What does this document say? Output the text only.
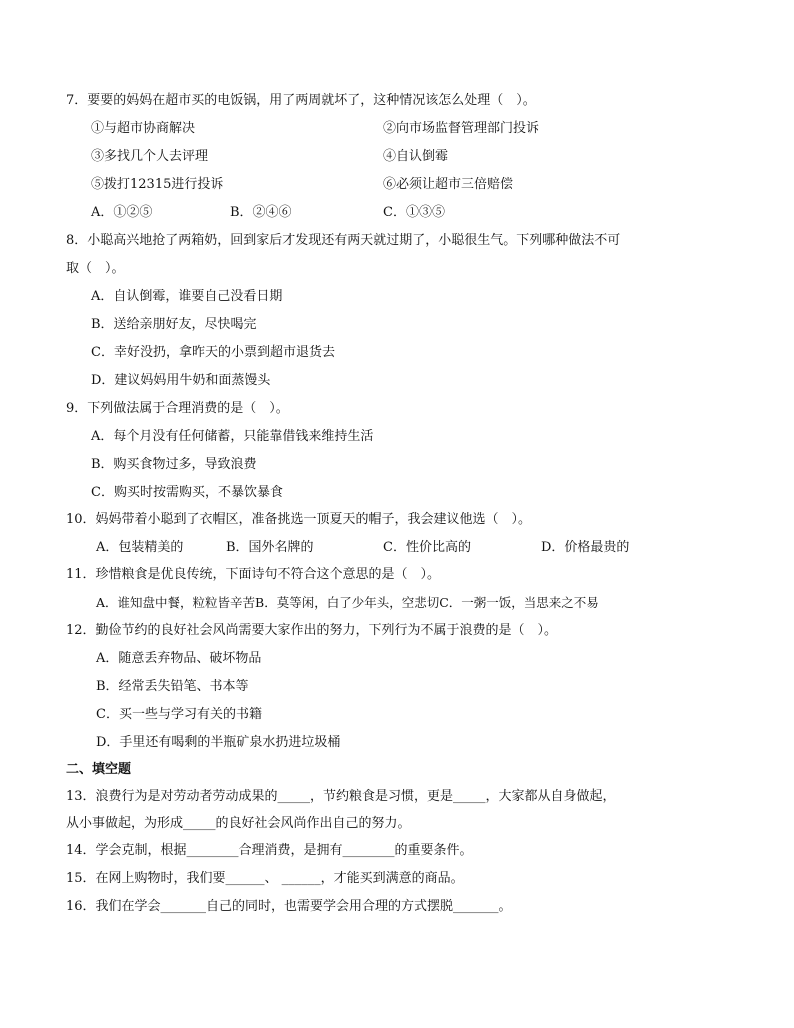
7．要要的妈妈在超市买的电饭锅，用了两周就坏了，这种情况该怎么处理（　）。
①与超市协商解决	②向市场监督管理部门投诉
③多找几个人去评理	④自认倒霉
⑤拨打12315进行投诉	⑥必须让超市三倍赔偿
A．①②⑤	B．②④⑥	C．①③⑤
8．小聪高兴地抢了两箱奶，回到家后才发现还有两天就过期了，小聪很生气。下列哪种做法不可
取（　）。
A．自认倒霉，谁要自己没看日期
B．送给亲朋好友，尽快喝完
C．幸好没扔，拿昨天的小票到超市退货去
D．建议妈妈用牛奶和面蒸馒头
9．下列做法属于合理消费的是（　）。
A．每个月没有任何储蓄，只能靠借钱来维持生活
B．购买食物过多，导致浪费
C．购买时按需购买，不暴饮暴食
10．妈妈带着小聪到了衣帽区，准备挑选一顶夏天的帽子，我会建议他选（　）。
A．包装精美的	B．国外名牌的	C．性价比高的	D．价格最贵的
11．珍惜粮食是优良传统，下面诗句不符合这个意思的是（　）。
A．谁知盘中餐，粒粒皆辛苦B．莫等闲，白了少年头，空悲切C．一粥一饭，当思来之不易
12．勤俭节约的良好社会风尚需要大家作出的努力，下列行为不属于浪费的是（　）。
A．随意丢弃物品、破坏物品
B．经常丢失铅笔、书本等
C．买一些与学习有关的书籍
D．手里还有喝剩的半瓶矿泉水扔进垃圾桶
二、填空题
13．浪费行为是对劳动者劳动成果的_____，节约粮食是习惯，更是_____，大家都从自身做起，
从小事做起，为形成_____的良好社会风尚作出自己的努力。
14．学会克制，根据________合理消费，是拥有________的重要条件。
15．在网上购物时，我们要______、 ______，才能买到满意的商品。
16．我们在学会_______自己的同时，也需要学会用合理的方式摆脱_______。
